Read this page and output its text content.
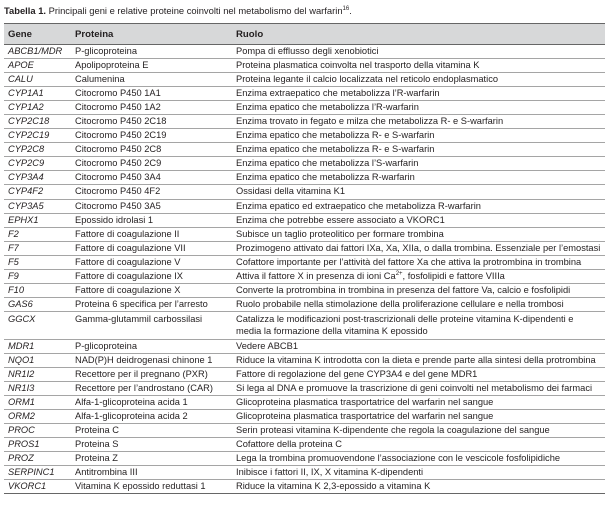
Tabella 1. Principali geni e relative proteine coinvolti nel metabolismo del warfarin$^{16}$.
Gene	Proteina	Ruolo
ABCB1/MDR	P-glicoproteina	Pompa di efflusso degli xenobiotici
APOE	Apolipoproteina E	Proteina plasmatica coinvolta nel trasporto della vitamina K
CALU	Calumenina	Proteina legante il calcio localizzata nel reticolo endoplasmatico
CYP1A1	Citocromo P450 1A1	Enzima extraepatico che metabolizza l’R-warfarin
CYP1A2	Citocromo P450 1A2	Enzima epatico che metabolizza l’R-warfarin
CYP2C18	Citocromo P450 2C18	Enzima trovato in fegato e milza che metabolizza R- e S-warfarin
CYP2C19	Citocromo P450 2C19	Enzima epatico che metabolizza R- e S-warfarin
CYP2C8	Citocromo P450 2C8	Enzima epatico che metabolizza R- e S-warfarin
CYP2C9	Citocromo P450 2C9	Enzima epatico che metabolizza l’S-warfarin
CYP3A4	Citocromo P450 3A4	Enzima epatico che metabolizza R-warfarin
CYP4F2	Citocromo P450 4F2	Ossidasi della vitamina K1
CYP3A5	Citocromo P450 3A5	Enzima epatico ed extraepatico che metabolizza R-warfarin
EPHX1	Epossido idrolasi 1	Enzima che potrebbe essere associato a VKORC1
F2	Fattore di coagulazione II	Subisce un taglio proteolitico per formare trombina
F7	Fattore di coagulazione VII	Prozimogeno attivato dai fattori IXa, Xa, XIIa, o dalla trombina. Essenziale per l’emostasi
F5	Fattore di coagulazione V	Cofattore importante per l’attività del fattore Xa che attiva la protrombina in trombina
F9	Fattore di coagulazione IX	Attiva il fattore X in presenza di ioni $Ca^{2+}$, fosfolipidi e fattore VIIIa
F10	Fattore di coagulazione X	Converte la protrombina in trombina in presenza del fattore Va, calcio e fosfolipidi
GAS6	Proteina 6 specifica per l’arresto	Ruolo probabile nella stimolazione della proliferazione cellulare e nella trombosi
GGCX	Gamma-glutammil carbossilasi	Catalizza le modificazioni post-trascrizionali delle proteine vitamina K-dipendenti e media la formazione della vitamina K epossido
MDR1	P-glicoproteina	Vedere ABCB1
NQO1	NAD(P)H deidrogenasi chinone 1	Riduce la vitamina K introdotta con la dieta e prende parte alla sintesi della protrombina
NR1I2	Recettore per il pregnano (PXR)	Fattore di regolazione del gene CYP3A4 e del gene MDR1
NR1I3	Recettore per l’androstano (CAR)	Si lega al DNA e promuove la trascrizione di geni coinvolti nel metabolismo dei farmaci
ORM1	Alfa-1-glicoproteina acida 1	Glicoproteina plasmatica trasportatrice del warfarin nel sangue
ORM2	Alfa-1-glicoproteina acida 2	Glicoproteina plasmatica trasportatrice del warfarin nel sangue
PROC	Proteina C	Serin proteasi vitamina K-dipendente che regola la coagulazione del sangue
PROS1	Proteina S	Cofattore della proteina C
PROZ	Proteina Z	Lega la trombina promuovendone l’associazione con le vescicole fosfolipidiche
SERPINC1	Antitrombina III	Inibisce i fattori II, IX, X vitamina K-dipendenti
VKORC1	Vitamina K epossido reduttasi 1	Riduce la vitamina K 2,3-epossido a vitamina K
